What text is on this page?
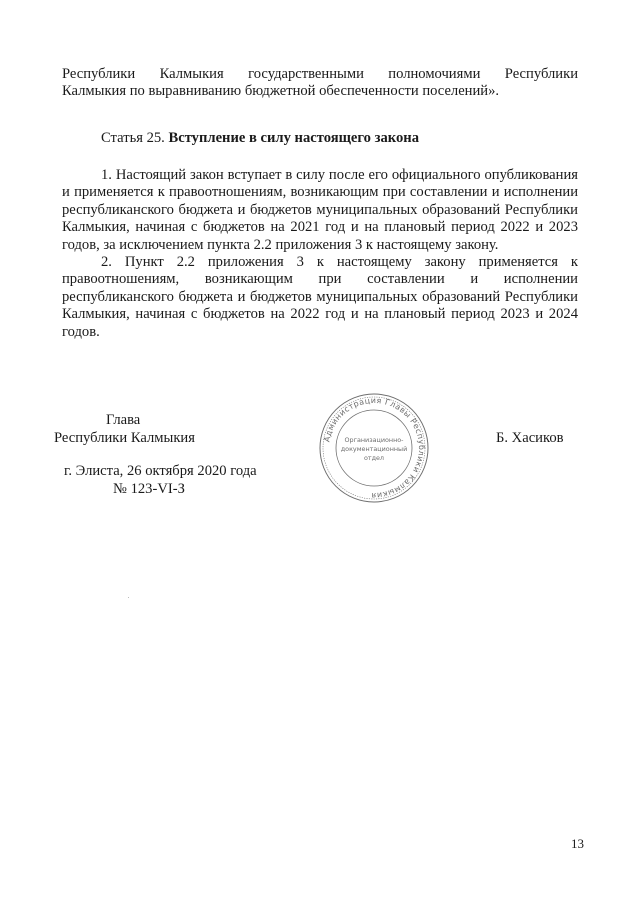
Республики Калмыкия государственными полномочиями Республики

Калмыкия по выравниванию бюджетной обеспеченности поселений».

Статья 25. Вступление в силу настоящего закона

1. Настоящий закон вступает в силу после его официального опубликования и применяется к правоотношениям, возникающим при составлении и исполнении республиканского бюджета и бюджетов муниципальных образований Республики Калмыкия, начиная с бюджетов на 2021 год и на плановый период 2022 и 2023 годов, за исключением пункта 2.2 приложения 3 к настоящему закону.

2. Пункт 2.2 приложения 3 к настоящему закону применяется к правоотношениям, возникающим при составлении и исполнении республиканского бюджета и бюджетов муниципальных образований Республики Калмыкия, начиная с бюджетов на 2022 год и на плановый период 2023 и 2024 годов.

Глава
Республики Калмыкия	Б. Хасиков
г. Элиста, 26 октября 2020 года
№ 123-VI-З
Администрация Главы Республики Калмыкия
Организационно-
документационный
отдел
13
